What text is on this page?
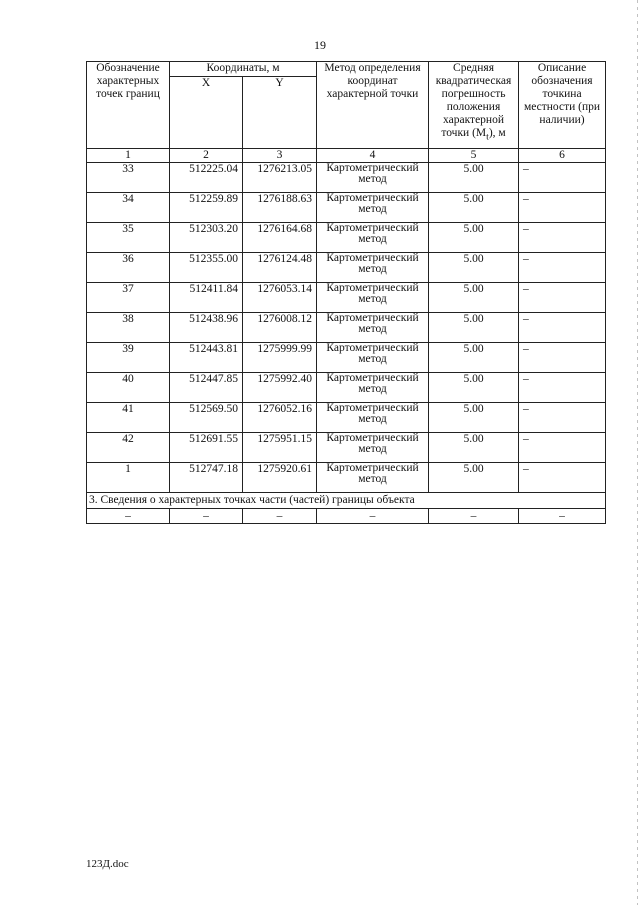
19
Обозначение характерных точек границ	Координаты, м		Метод определения координат характерной точки	Средняя квадратическая погрешность положения характерной точки $(M_t)$, м	Описание обозначения точкина местности (при наличии)
	X	Y			
1	2	3	4	5	6
33	512225.04	1276213.05	Картометрический метод	5.00	–
34	512259.89	1276188.63	Картометрический метод	5.00	–
35	512303.20	1276164.68	Картометрический метод	5.00	–
36	512355.00	1276124.48	Картометрический метод	5.00	–
37	512411.84	1276053.14	Картометрический метод	5.00	–
38	512438.96	1276008.12	Картометрический метод	5.00	–
39	512443.81	1275999.99	Картометрический метод	5.00	–
40	512447.85	1275992.40	Картометрический метод	5.00	–
41	512569.50	1276052.16	Картометрический метод	5.00	–
42	512691.55	1275951.15	Картометрический метод	5.00	–
1	512747.18	1275920.61	Картометрический метод	5.00	–
3. Сведения о характерных точках части (частей) границы объекта					
–	–	–	–	–	–
123Д.doc
